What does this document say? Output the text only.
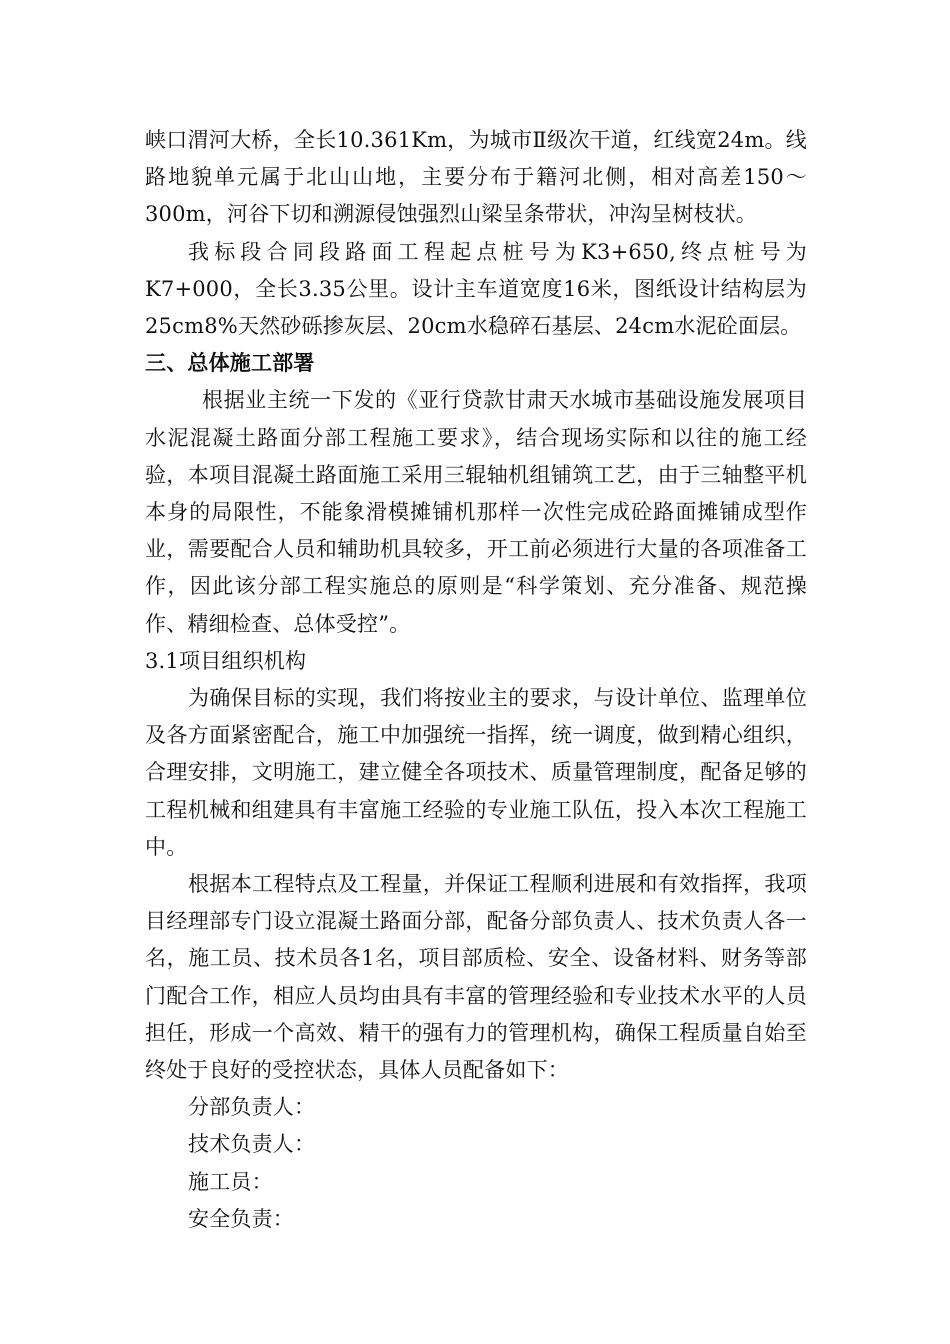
峡口渭河大桥，全长10.361Km，为城市Ⅱ级次干道，红线宽24m。线路地貌单元属于北山山地，主要分布于籍河北侧，相对高差150～300m，河谷下切和溯源侵蚀强烈山梁呈条带状，冲沟呈树枝状。

我标段合同段路面工程起点桩号为K3+650,终点桩号为K7+000，全长3.35公里。设计主车道宽度16米，图纸设计结构层为25cm8%天然砂砾掺灰层、20cm水稳碎石基层、24cm水泥砼面层。

三、总体施工部署

根据业主统一下发的《亚行贷款甘肃天水城市基础设施发展项目水泥混凝土路面分部工程施工要求》，结合现场实际和以往的施工经验，本项目混凝土路面施工采用三辊轴机组铺筑工艺，由于三轴整平机本身的局限性，不能象滑模摊铺机那样一次性完成砼路面摊铺成型作业，需要配合人员和辅助机具较多，开工前必须进行大量的各项准备工作，因此该分部工程实施总的原则是“科学策划、充分准备、规范操作、精细检查、总体受控”。

3.1项目组织机构

为确保目标的实现，我们将按业主的要求，与设计单位、监理单位及各方面紧密配合，施工中加强统一指挥，统一调度，做到精心组织，合理安排，文明施工，建立健全各项技术、质量管理制度，配备足够的工程机械和组建具有丰富施工经验的专业施工队伍，投入本次工程施工中。

根据本工程特点及工程量，并保证工程顺利进展和有效指挥，我项目经理部专门设立混凝土路面分部，配备分部负责人、技术负责人各一名，施工员、技术员各1名，项目部质检、安全、设备材料、财务等部门配合工作，相应人员均由具有丰富的管理经验和专业技术水平的人员担任，形成一个高效、精干的强有力的管理机构，确保工程质量自始至终处于良好的受控状态，具体人员配备如下：

分部负责人：

技术负责人：

施工员：

安全负责：
